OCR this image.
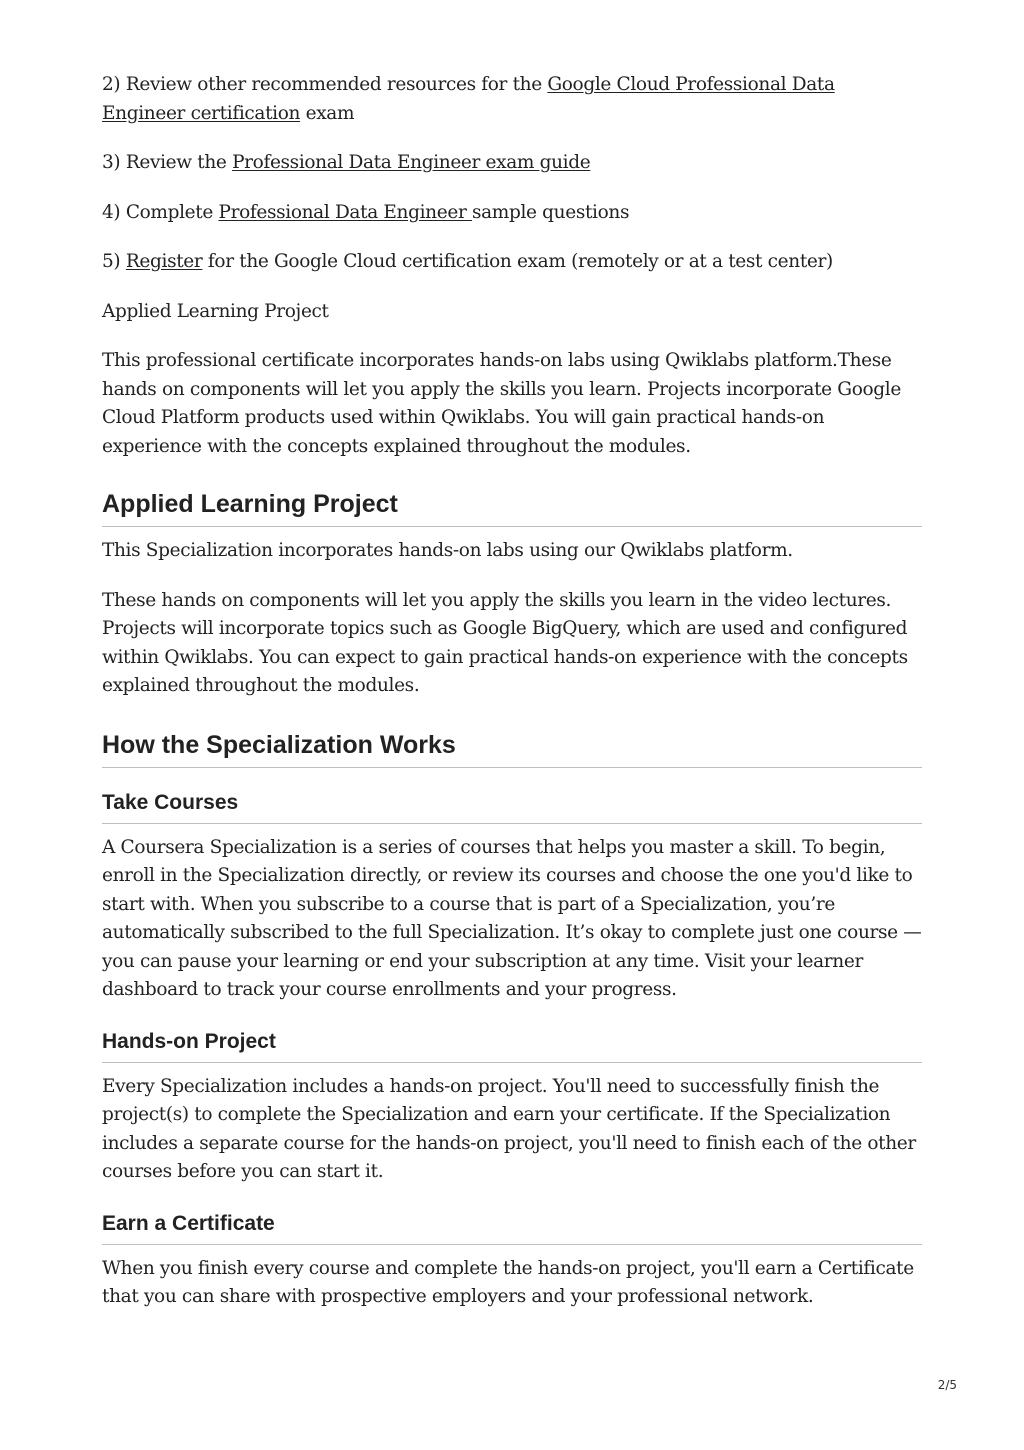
2) Review other recommended resources for the Google Cloud Professional Data Engineer certification exam

3) Review the Professional Data Engineer exam guide

4) Complete Professional Data Engineer sample questions

5) Register for the Google Cloud certification exam (remotely or at a test center)

Applied Learning Project

This professional certificate incorporates hands-on labs using Qwiklabs platform.These hands on components will let you apply the skills you learn. Projects incorporate Google Cloud Platform products used within Qwiklabs. You will gain practical hands-on experience with the concepts explained throughout the modules.

Applied Learning Project

This Specialization incorporates hands-on labs using our Qwiklabs platform.

These hands on components will let you apply the skills you learn in the video lectures. Projects will incorporate topics such as Google BigQuery, which are used and configured within Qwiklabs. You can expect to gain practical hands-on experience with the concepts explained throughout the modules.

How the Specialization Works
Take Courses

A Coursera Specialization is a series of courses that helps you master a skill. To begin, enroll in the Specialization directly, or review its courses and choose the one you'd like to start with. When you subscribe to a course that is part of a Specialization, you’re automatically subscribed to the full Specialization. It’s okay to complete just one course — you can pause your learning or end your subscription at any time. Visit your learner dashboard to track your course enrollments and your progress.

Hands-on Project

Every Specialization includes a hands-on project. You'll need to successfully finish the project(s) to complete the Specialization and earn your certificate. If the Specialization includes a separate course for the hands-on project, you'll need to finish each of the other courses before you can start it.

Earn a Certificate

When you finish every course and complete the hands-on project, you'll earn a Certificate that you can share with prospective employers and your professional network.

2/5
